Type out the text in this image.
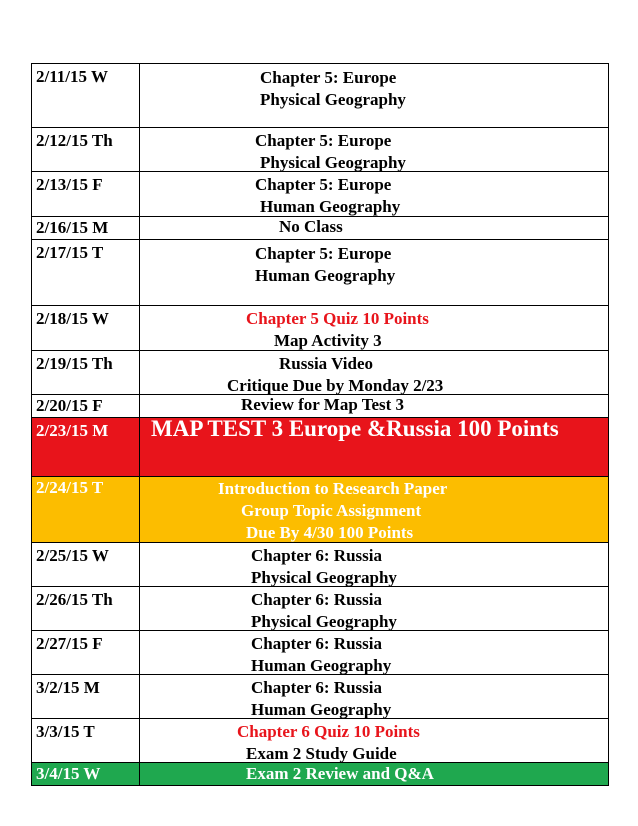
2/11/15 W	Chapter 5: Europe
Physical Geography

2/12/15 Th	Chapter 5: Europe
Physical Geography

2/13/15 F	Chapter 5: Europe
Human Geography

2/16/15 M	No Class

2/17/15 T	Chapter 5: Europe
Human Geography

2/18/15 W	Chapter 5 Quiz 10 Points
Map Activity 3

2/19/15 Th	Russia Video
Critique Due by Monday 2/23

2/20/15 F	Review for Map Test 3

2/23/15 M	MAP TEST 3 Europe &Russia 100 Points

2/24/15 T	Introduction to Research Paper
Group Topic Assignment
Due By 4/30 100 Points

2/25/15 W	Chapter 6: Russia
Physical Geography

2/26/15 Th	Chapter 6: Russia
Physical Geography

2/27/15 F	Chapter 6: Russia
Human Geography

3/2/15 M	Chapter 6: Russia
Human Geography

3/3/15 T	Chapter 6 Quiz 10 Points
Exam 2 Study Guide

3/4/15 W	Exam 2 Review and Q&A
